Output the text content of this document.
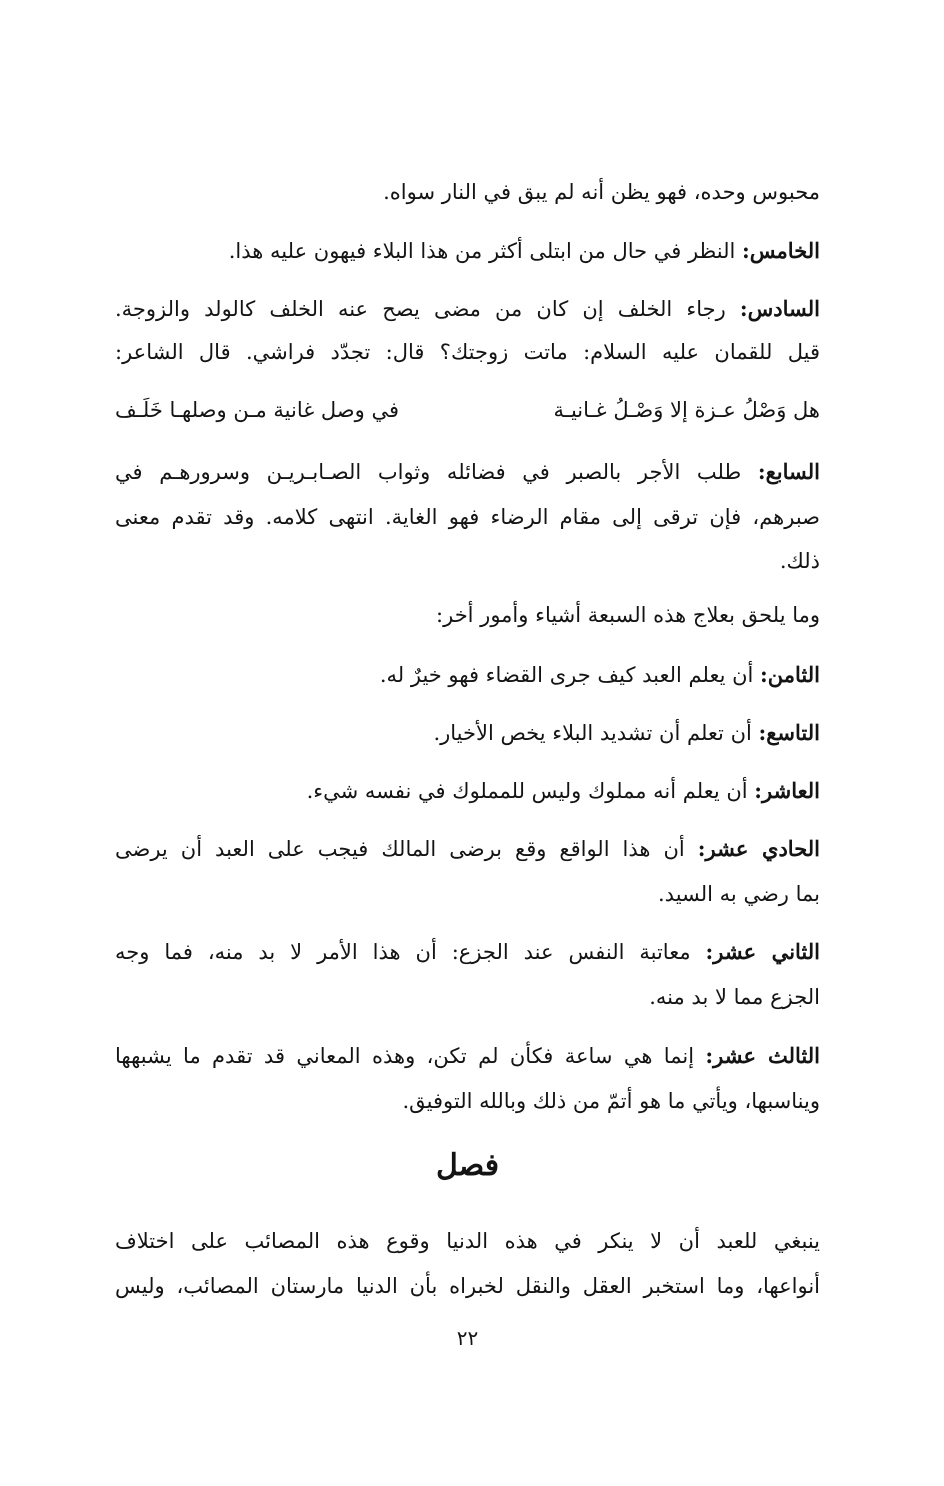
محبوس وحده، فهو يظن أنه لم يبق في النار سواه.
الخامس: النظر في حال من ابتلى أكثر من هذا البلاء فيهون عليه هذا.
السادس: رجاء الخلف إن كان من مضى يصح عنه الخلف كالولد والزوجة.
قيل للقمان عليه السلام: ماتت زوجتك؟ قال: تجدّد فراشي. قال الشاعر:
هل وَصْلُ عـزة إلا وَصْـلُ غـانيـة
في وصل غانية مـن وصلهـا خَلَـف
السابع: طلب الأجر بالصبر في فضائله وثواب الصـابـريـن وسرورهـم في
صبرهم، فإن ترقى إلى مقام الرضاء فهو الغاية. انتهى كلامه. وقد تقدم معنى
ذلك.
وما يلحق بعلاج هذه السبعة أشياء وأمور أخر:
الثامن: أن يعلم العبد كيف جرى القضاء فهو خيرٌ له.
التاسع: أن تعلم أن تشديد البلاء يخص الأخيار.
العاشر: أن يعلم أنه مملوك وليس للمملوك في نفسه شيء.
الحادي عشر: أن هذا الواقع وقع برضى المالك فيجب على العبد أن يرضى
بما رضي به السيد.
الثاني عشر: معاتبة النفس عند الجزع: أن هذا الأمر لا بد منه، فما وجه
الجزع مما لا بد منه.
الثالث عشر: إنما هي ساعة فكأن لم تكن، وهذه المعاني قد تقدم ما يشبهها
ويناسبها، ويأتي ما هو أتمّ من ذلك وبالله التوفيق.
فصل
ينبغي للعبد أن لا ينكر في هذه الدنيا وقوع هذه المصائب على اختلاف
أنواعها، وما استخبر العقل والنقل لخبراه بأن الدنيا مارستان المصائب، وليس
٢٢
